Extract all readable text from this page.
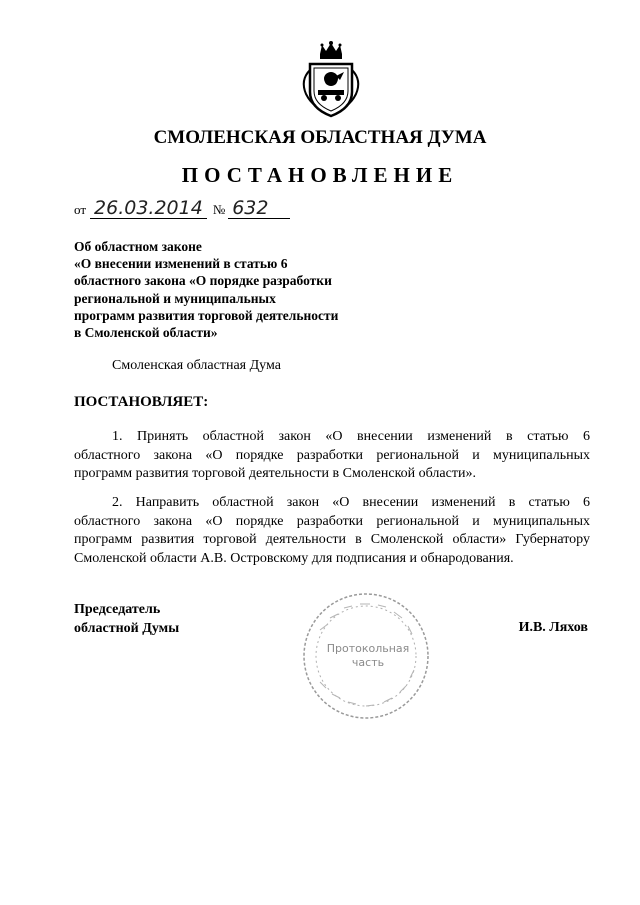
СМОЛЕНСКАЯ ОБЛАСТНАЯ ДУМА
ПОСТАНОВЛЕНИЕ
от 26.03.2014 № 632
Об областном законе
«О внесении изменений в статью 6
областного закона «О порядке разработки
региональной и муниципальных
программ развития торговой деятельности
в Смоленской области»
Смоленская областная Дума
ПОСТАНОВЛЯЕТ:
1. Принять областной закон «О внесении изменений в статью 6
областного закона «О порядке разработки региональной и муниципальных
программ развития торговой деятельности в Смоленской области».
2. Направить областной закон «О внесении изменений в статью 6
областного закона «О порядке разработки региональной и муниципальных
программ развития торговой деятельности в Смоленской области» Губернатору
Смоленской области А.В. Островскому для подписания и обнародования.
Председатель
областной Думы
Протокольная
часть
И.В. Ляхов
